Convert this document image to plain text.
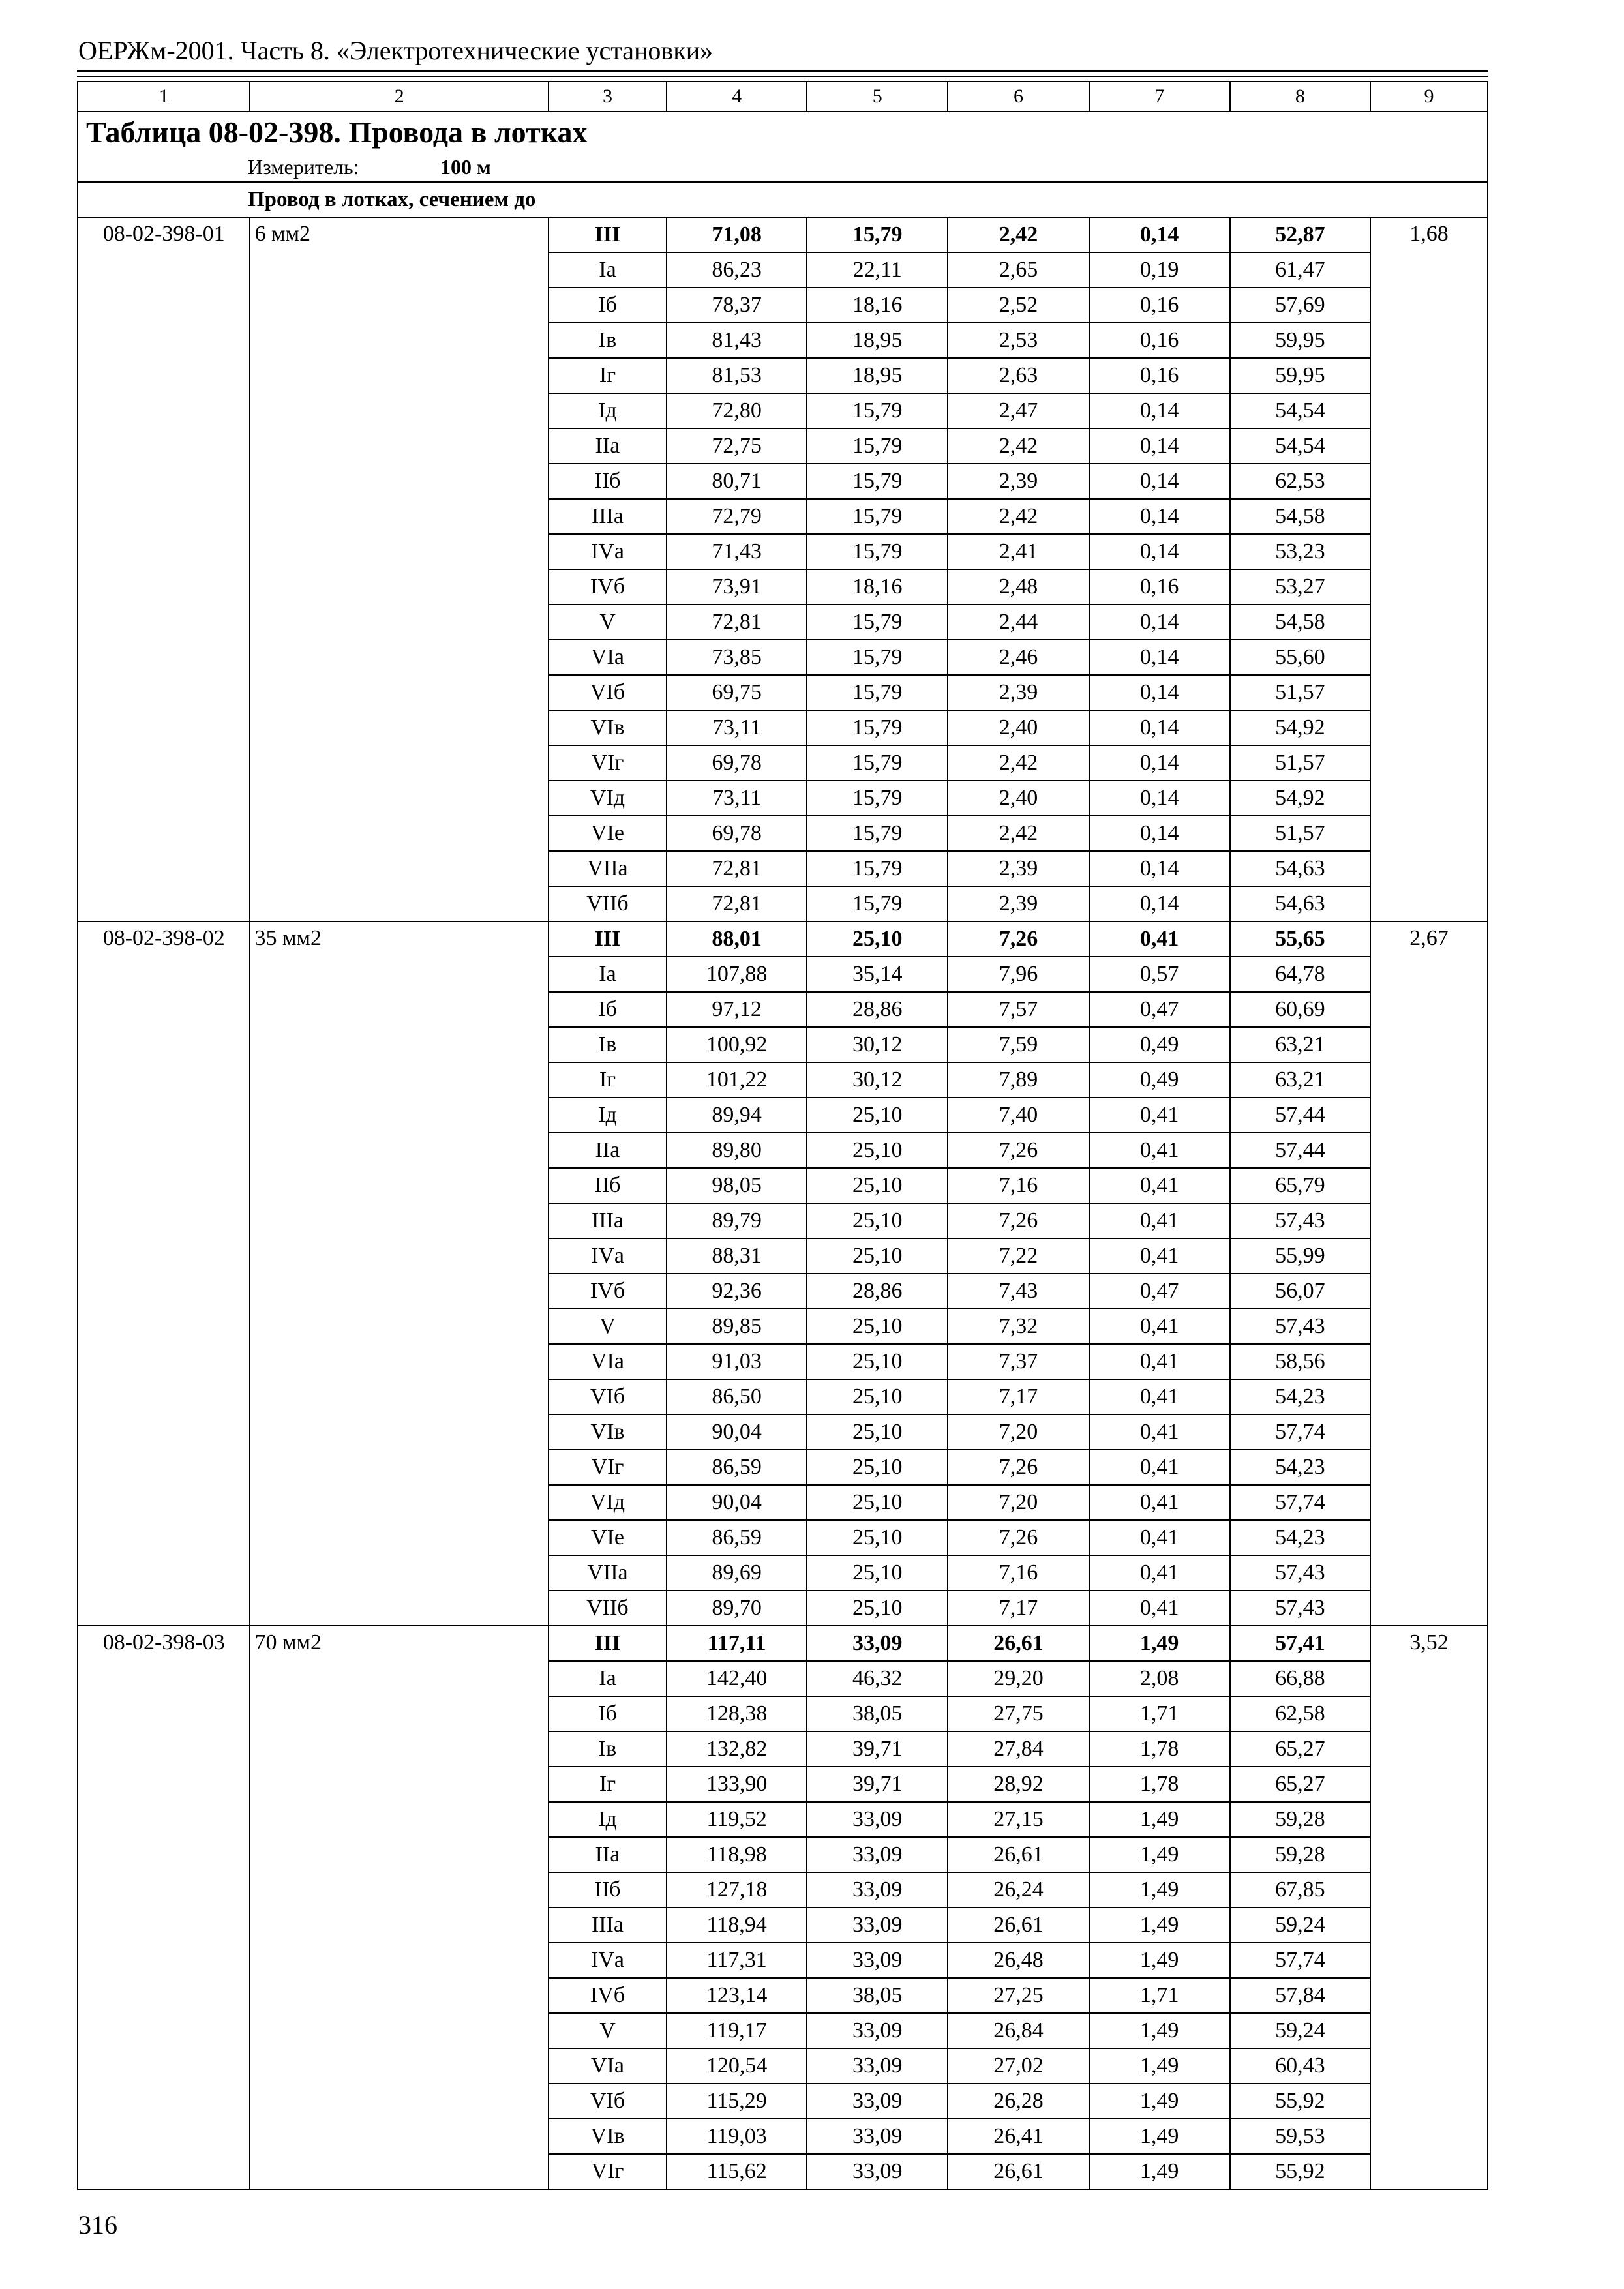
ОЕРЖм-2001. Часть 8. «Электротехнические установки»
1	2	3	4	5	6	7	8	9
Таблица 08-02-398. Провода в лотках								
Измеритель: 100 м								
Провод в лотках, сечением до								
08-02-398-01	6 мм2	III	71,08	15,79	2,42	0,14	52,87	1,68
		Iа	86,23	22,11	2,65	0,19	61,47	
		Iб	78,37	18,16	2,52	0,16	57,69	
		Iв	81,43	18,95	2,53	0,16	59,95	
		Iг	81,53	18,95	2,63	0,16	59,95	
		Iд	72,80	15,79	2,47	0,14	54,54	
		IIа	72,75	15,79	2,42	0,14	54,54	
		IIб	80,71	15,79	2,39	0,14	62,53	
		IIIа	72,79	15,79	2,42	0,14	54,58	
		IVа	71,43	15,79	2,41	0,14	53,23	
		IVб	73,91	18,16	2,48	0,16	53,27	
		V	72,81	15,79	2,44	0,14	54,58	
		VIа	73,85	15,79	2,46	0,14	55,60	
		VIб	69,75	15,79	2,39	0,14	51,57	
		VIв	73,11	15,79	2,40	0,14	54,92	
		VIг	69,78	15,79	2,42	0,14	51,57	
		VIд	73,11	15,79	2,40	0,14	54,92	
		VIе	69,78	15,79	2,42	0,14	51,57	
		VIIа	72,81	15,79	2,39	0,14	54,63	
		VIIб	72,81	15,79	2,39	0,14	54,63	
08-02-398-02	35 мм2	III	88,01	25,10	7,26	0,41	55,65	2,67
		Iа	107,88	35,14	7,96	0,57	64,78	
		Iб	97,12	28,86	7,57	0,47	60,69	
		Iв	100,92	30,12	7,59	0,49	63,21	
		Iг	101,22	30,12	7,89	0,49	63,21	
		Iд	89,94	25,10	7,40	0,41	57,44	
		IIа	89,80	25,10	7,26	0,41	57,44	
		IIб	98,05	25,10	7,16	0,41	65,79	
		IIIа	89,79	25,10	7,26	0,41	57,43	
		IVа	88,31	25,10	7,22	0,41	55,99	
		IVб	92,36	28,86	7,43	0,47	56,07	
		V	89,85	25,10	7,32	0,41	57,43	
		VIа	91,03	25,10	7,37	0,41	58,56	
		VIб	86,50	25,10	7,17	0,41	54,23	
		VIв	90,04	25,10	7,20	0,41	57,74	
		VIг	86,59	25,10	7,26	0,41	54,23	
		VIд	90,04	25,10	7,20	0,41	57,74	
		VIе	86,59	25,10	7,26	0,41	54,23	
		VIIа	89,69	25,10	7,16	0,41	57,43	
		VIIб	89,70	25,10	7,17	0,41	57,43	
08-02-398-03	70 мм2	III	117,11	33,09	26,61	1,49	57,41	3,52
		Iа	142,40	46,32	29,20	2,08	66,88	
		Iб	128,38	38,05	27,75	1,71	62,58	
		Iв	132,82	39,71	27,84	1,78	65,27	
		Iг	133,90	39,71	28,92	1,78	65,27	
		Iд	119,52	33,09	27,15	1,49	59,28	
		IIа	118,98	33,09	26,61	1,49	59,28	
		IIб	127,18	33,09	26,24	1,49	67,85	
		IIIа	118,94	33,09	26,61	1,49	59,24	
		IVа	117,31	33,09	26,48	1,49	57,74	
		IVб	123,14	38,05	27,25	1,71	57,84	
		V	119,17	33,09	26,84	1,49	59,24	
		VIа	120,54	33,09	27,02	1,49	60,43	
		VIб	115,29	33,09	26,28	1,49	55,92	
		VIв	119,03	33,09	26,41	1,49	59,53	
		VIг	115,62	33,09	26,61	1,49	55,92	
316
